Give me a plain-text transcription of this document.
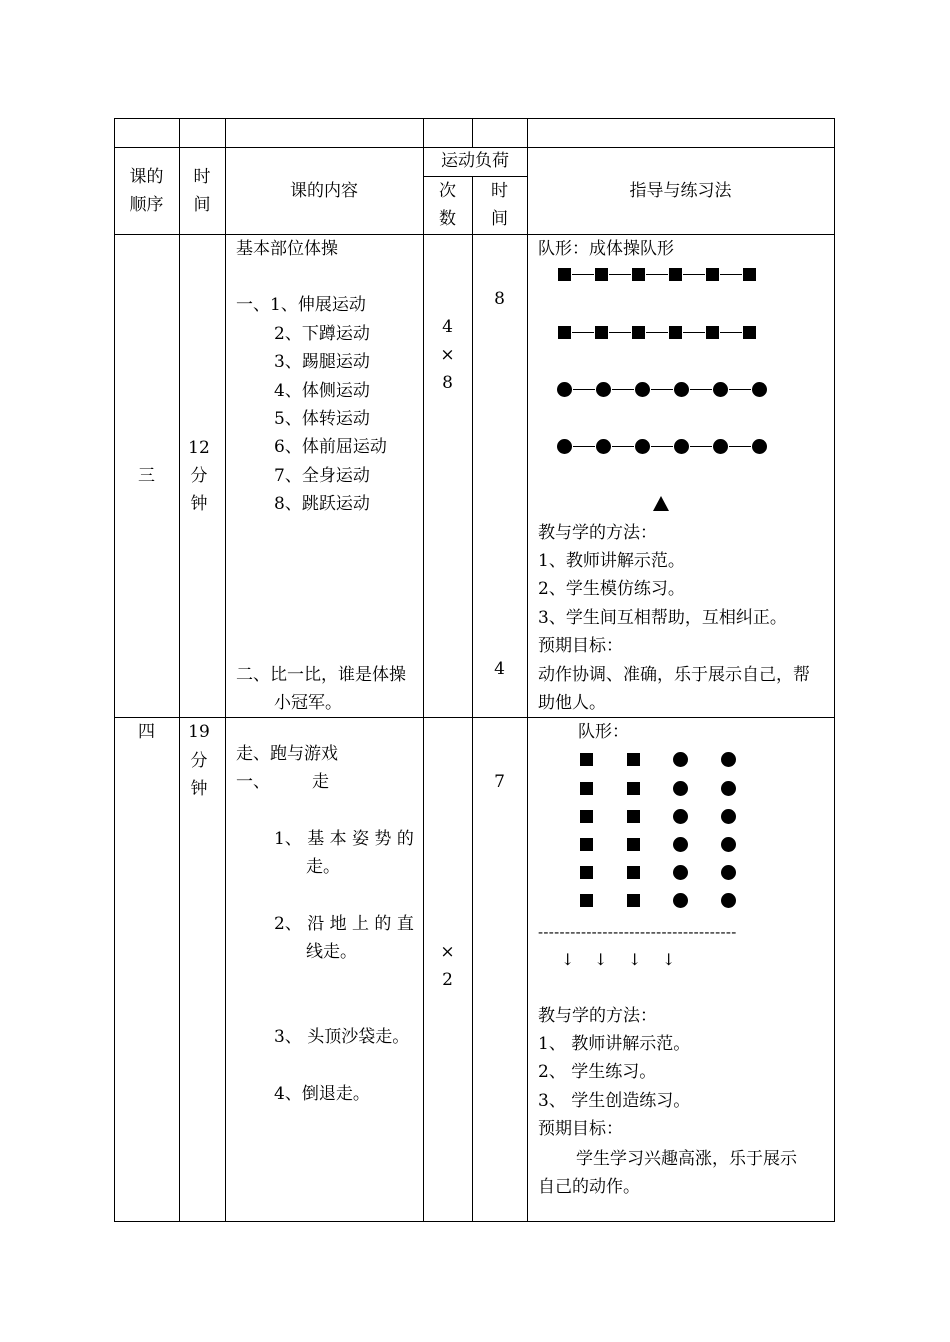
课的
顺序
时
间
课的内容
运动负荷
次
数
时
间
指导与练习法
三
12
分
钟
基本部位体操
一、1、伸展运动
2、下蹲运动
3、踢腿运动
4、体侧运动
5、体转运动
6、体前屈运动
7、全身运动
8、跳跃运动
二、比一比，谁是体操
小冠军。
4
×
8
8
4
队形：成体操队形
教与学的方法：
1、教师讲解示范。
2、学生模仿练习。
3、学生间互相帮助，互相纠正。
预期目标：
动作协调、准确，乐于展示自己，帮
助他人。
四	19
分
钟
走、跑与游戏
一、 走
1、 基 本 姿 势 的
走。
2、 沿 地 上 的 直
线走。
3、 头顶沙袋走。
4、倒退走。
×
2
7
队形：
-------------------------------------
↓ ↓ ↓ ↓
教与学的方法：
1、 教师讲解示范。
2、 学生练习。
3、 学生创造练习。
预期目标：
学生学习兴趣高涨，乐于展示
自己的动作。
